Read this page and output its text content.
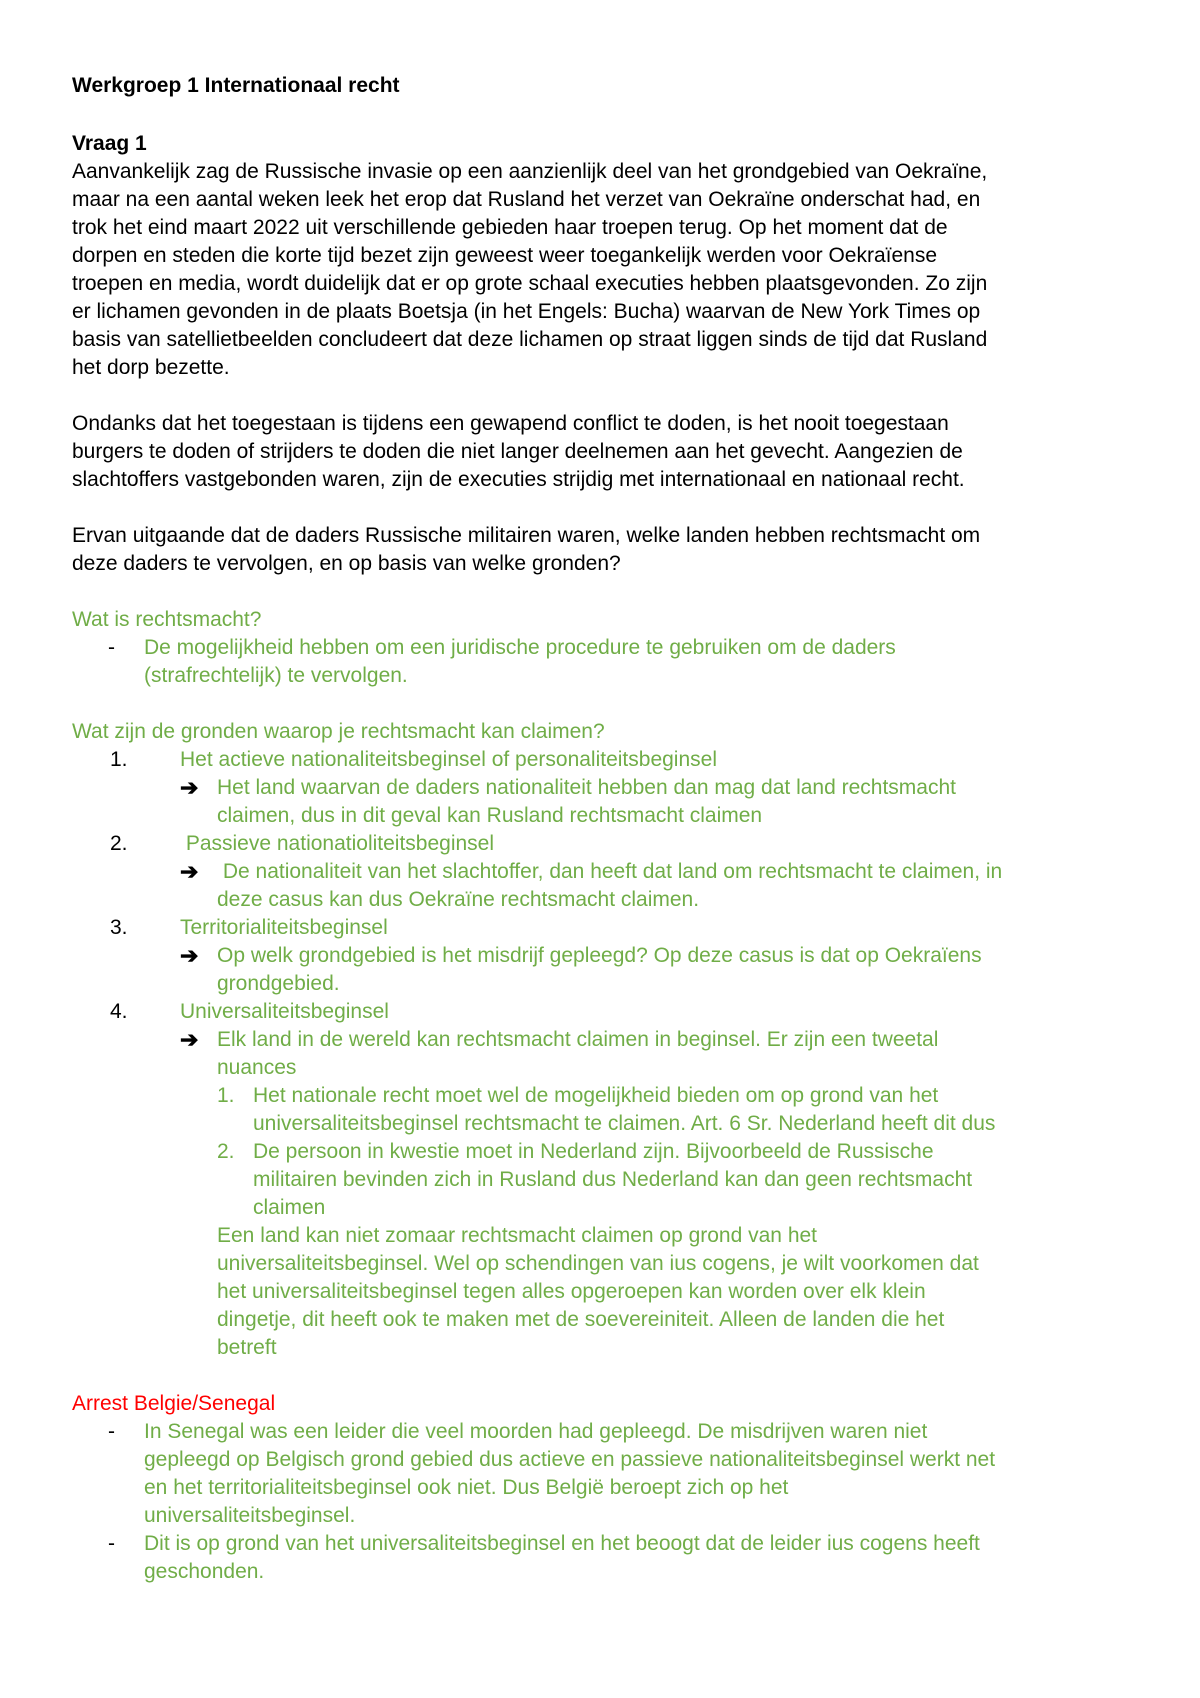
Werkgroep 1 Internationaal recht
Vraag 1
Aanvankelijk zag de Russische invasie op een aanzienlijk deel van het grondgebied van Oekraïne,
maar na een aantal weken leek het erop dat Rusland het verzet van Oekraïne onderschat had, en
trok het eind maart 2022 uit verschillende gebieden haar troepen terug. Op het moment dat de
dorpen en steden die korte tijd bezet zijn geweest weer toegankelijk werden voor Oekraïense
troepen en media, wordt duidelijk dat er op grote schaal executies hebben plaatsgevonden. Zo zijn
er lichamen gevonden in de plaats Boetsja (in het Engels: Bucha) waarvan de New York Times op
basis van satellietbeelden concludeert dat deze lichamen op straat liggen sinds de tijd dat Rusland
het dorp bezette.
Ondanks dat het toegestaan is tijdens een gewapend conflict te doden, is het nooit toegestaan
burgers te doden of strijders te doden die niet langer deelnemen aan het gevecht. Aangezien de
slachtoffers vastgebonden waren, zijn de executies strijdig met internationaal en nationaal recht.
Ervan uitgaande dat de daders Russische militairen waren, welke landen hebben rechtsmacht om
deze daders te vervolgen, en op basis van welke gronden?
Wat is rechtsmacht?
- De mogelijkheid hebben om een juridische procedure te gebruiken om de daders
(strafrechtelijk) te vervolgen.
Wat zijn de gronden waarop je rechtsmacht kan claimen?
1. Het actieve nationaliteitsbeginsel of personaliteitsbeginsel
➔ Het land waarvan de daders nationaliteit hebben dan mag dat land rechtsmacht
claimen, dus in dit geval kan Rusland rechtsmacht claimen
2. Passieve nationatioliteitsbeginsel
➔ De nationaliteit van het slachtoffer, dan heeft dat land om rechtsmacht te claimen, in
deze casus kan dus Oekraïne rechtsmacht claimen.
3. Territorialiteitsbeginsel
➔ Op welk grondgebied is het misdrijf gepleegd? Op deze casus is dat op Oekraïens
grondgebied.
4. Universaliteitsbeginsel
➔ Elk land in de wereld kan rechtsmacht claimen in beginsel. Er zijn een tweetal
nuances
1. Het nationale recht moet wel de mogelijkheid bieden om op grond van het
universaliteitsbeginsel rechtsmacht te claimen. Art. 6 Sr. Nederland heeft dit dus
2. De persoon in kwestie moet in Nederland zijn. Bijvoorbeeld de Russische
militairen bevinden zich in Rusland dus Nederland kan dan geen rechtsmacht
claimen
Een land kan niet zomaar rechtsmacht claimen op grond van het
universaliteitsbeginsel. Wel op schendingen van ius cogens, je wilt voorkomen dat
het universaliteitsbeginsel tegen alles opgeroepen kan worden over elk klein
dingetje, dit heeft ook te maken met de soevereiniteit. Alleen de landen die het
betreft
Arrest Belgie/Senegal
- In Senegal was een leider die veel moorden had gepleegd. De misdrijven waren niet
gepleegd op Belgisch grond gebied dus actieve en passieve nationaliteitsbeginsel werkt net
en het territorialiteitsbeginsel ook niet. Dus België beroept zich op het
universaliteitsbeginsel.
- Dit is op grond van het universaliteitsbeginsel en het beoogt dat de leider ius cogens heeft
geschonden.
